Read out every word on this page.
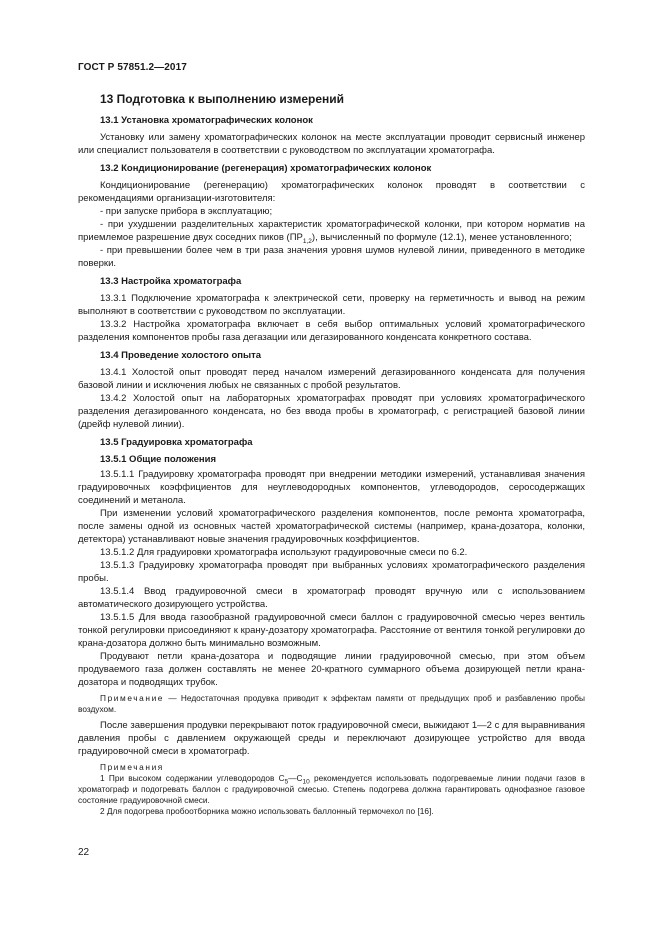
ГОСТ Р 57851.2—2017
13 Подготовка к выполнению измерений
13.1 Установка хроматографических колонок

Установку или замену хроматографических колонок на месте эксплуатации проводит сервисный инженер или специалист пользователя в соответствии с руководством по эксплуатации хроматографа.

13.2 Кондиционирование (регенерация) хроматографических колонок

Кондиционирование (регенерацию) хроматографических колонок проводят в соответствии с рекомендациями организации-изготовителя:

- при запуске прибора в эксплуатацию;

- при ухудшении разделительных характеристик хроматографической колонки, при котором норматив на приемлемое разрешение двух соседних пиков $(ПР_{1,2})$, вычисленный по формуле (12.1), менее установленного;

- при превышении более чем в три раза значения уровня шумов нулевой линии, приведенного в методике поверки.

13.3 Настройка хроматографа

13.3.1 Подключение хроматографа к электрической сети, проверку на герметичность и вывод на режим выполняют в соответствии с руководством по эксплуатации.

13.3.2 Настройка хроматографа включает в себя выбор оптимальных условий хроматографического разделения компонентов пробы газа дегазации или дегазированного конденсата конкретного состава.

13.4 Проведение холостого опыта

13.4.1 Холостой опыт проводят перед началом измерений дегазированного конденсата для получения базовой линии и исключения любых не связанных с пробой результатов.

13.4.2 Холостой опыт на лабораторных хроматографах проводят при условиях хроматографического разделения дегазированного конденсата, но без ввода пробы в хроматограф, с регистрацией базовой линии (дрейф нулевой линии).

13.5 Градуировка хроматографа
13.5.1 Общие положения

13.5.1.1 Градуировку хроматографа проводят при внедрении методики измерений, устанавливая значения градуировочных коэффициентов для неуглеводородных компонентов, углеводородов, серосодержащих соединений и метанола.

При изменении условий хроматографического разделения компонентов, после ремонта хроматографа, после замены одной из основных частей хроматографической системы (например, крана-дозатора, колонки, детектора) устанавливают новые значения градуировочных коэффициентов.

13.5.1.2 Для градуировки хроматографа используют градуировочные смеси по 6.2.

13.5.1.3 Градуировку хроматографа проводят при выбранных условиях хроматографического разделения пробы.

13.5.1.4 Ввод градуировочной смеси в хроматограф проводят вручную или с использованием автоматического дозирующего устройства.

13.5.1.5 Для ввода газообразной градуировочной смеси баллон с градуировочной смесью через вентиль тонкой регулировки присоединяют к крану-дозатору хроматографа. Расстояние от вентиля тонкой регулировки до крана-дозатора должно быть минимально возможным.

Продувают петли крана-дозатора и подводящие линии градуировочной смесью, при этом объем продуваемого газа должен составлять не менее 20-кратного суммарного объема дозирующей петли крана-дозатора и подводящих трубок.

Примечание — Недостаточная продувка приводит к эффектам памяти от предыдущих проб и разбавлению пробы воздухом.

После завершения продувки перекрывают поток градуировочной смеси, выжидают 1—2 с для выравнивания давления пробы с давлением окружающей среды и переключают дозирующее устройство для ввода градуировочной смеси в хроматограф.

Примечания

1 При высоком содержании углеводородов $С_5—С_{10}$ рекомендуется использовать подогреваемые линии подачи газов в хроматограф и подогревать баллон с градуировочной смесью. Степень подогрева должна гарантировать однофазное газовое состояние градуировочной смеси.

2 Для подогрева пробоотборника можно использовать баллонный термочехол по [16].

22
